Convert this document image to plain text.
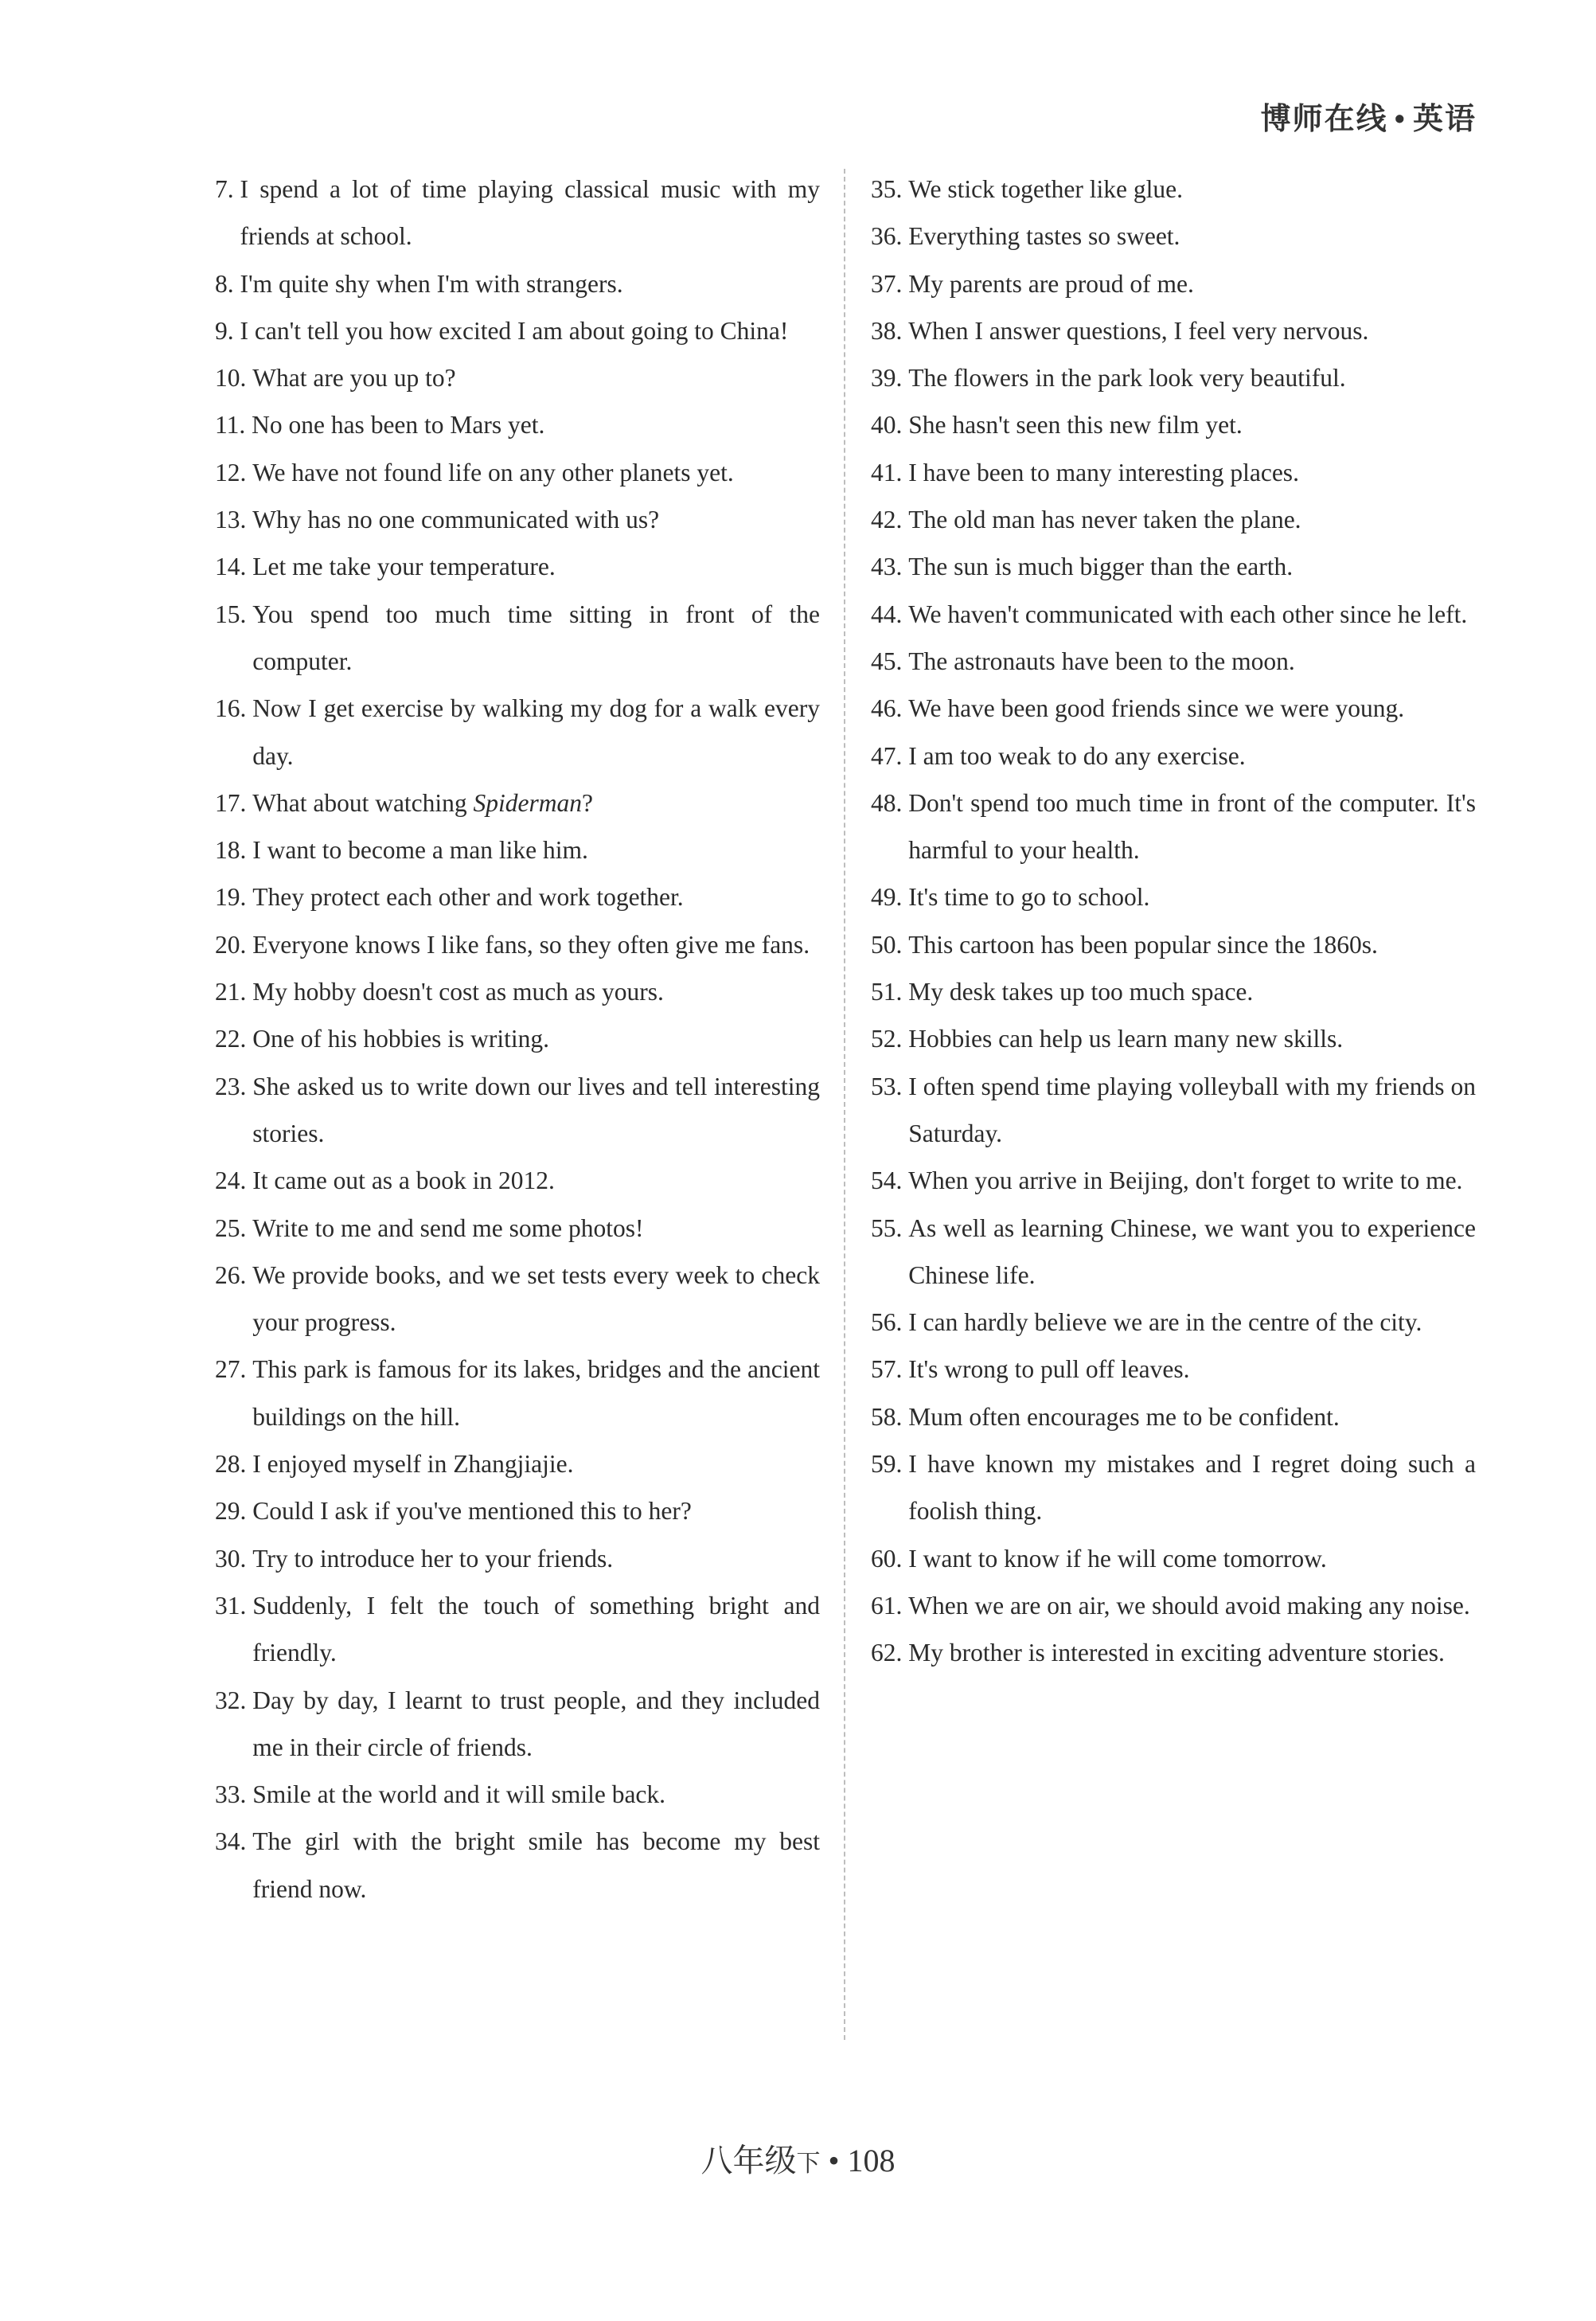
博师在线 • 英语
7. I spend a lot of time playing classical music with my friends at school.
8. I'm quite shy when I'm with strangers.
9. I can't tell you how excited I am about going to China!
10. What are you up to?
11. No one has been to Mars yet.
12. We have not found life on any other planets yet.
13. Why has no one communicated with us?
14. Let me take your temperature.
15. You spend too much time sitting in front of the computer.
16. Now I get exercise by walking my dog for a walk every day.
17. What about watching Spiderman?
18. I want to become a man like him.
19. They protect each other and work together.
20. Everyone knows I like fans, so they often give me fans.
21. My hobby doesn't cost as much as yours.
22. One of his hobbies is writing.
23. She asked us to write down our lives and tell interesting stories.
24. It came out as a book in 2012.
25. Write to me and send me some photos!
26. We provide books, and we set tests every week to check your progress.
27. This park is famous for its lakes, bridges and the ancient buildings on the hill.
28. I enjoyed myself in Zhangjiajie.
29. Could I ask if you've mentioned this to her?
30. Try to introduce her to your friends.
31. Suddenly, I felt the touch of something bright and friendly.
32. Day by day, I learnt to trust people, and they included me in their circle of friends.
33. Smile at the world and it will smile back.
34. The girl with the bright smile has become my best friend now.
35. We stick together like glue.
36. Everything tastes so sweet.
37. My parents are proud of me.
38. When I answer questions, I feel very nervous.
39. The flowers in the park look very beautiful.
40. She hasn't seen this new film yet.
41. I have been to many interesting places.
42. The old man has never taken the plane.
43. The sun is much bigger than the earth.
44. We haven't communicated with each other since he left.
45. The astronauts have been to the moon.
46. We have been good friends since we were young.
47. I am too weak to do any exercise.
48. Don't spend too much time in front of the computer. It's harmful to your health.
49. It's time to go to school.
50. This cartoon has been popular since the 1860s.
51. My desk takes up too much space.
52. Hobbies can help us learn many new skills.
53. I often spend time playing volleyball with my friends on Saturday.
54. When you arrive in Beijing, don't forget to write to me.
55. As well as learning Chinese, we want you to experience Chinese life.
56. I can hardly believe we are in the centre of the city.
57. It's wrong to pull off leaves.
58. Mum often encourages me to be confident.
59. I have known my mistakes and I regret doing such a foolish thing.
60. I want to know if he will come tomorrow.
61. When we are on air, we should avoid making any noise.
62. My brother is interested in exciting adventure stories.
八年级下 • 108
